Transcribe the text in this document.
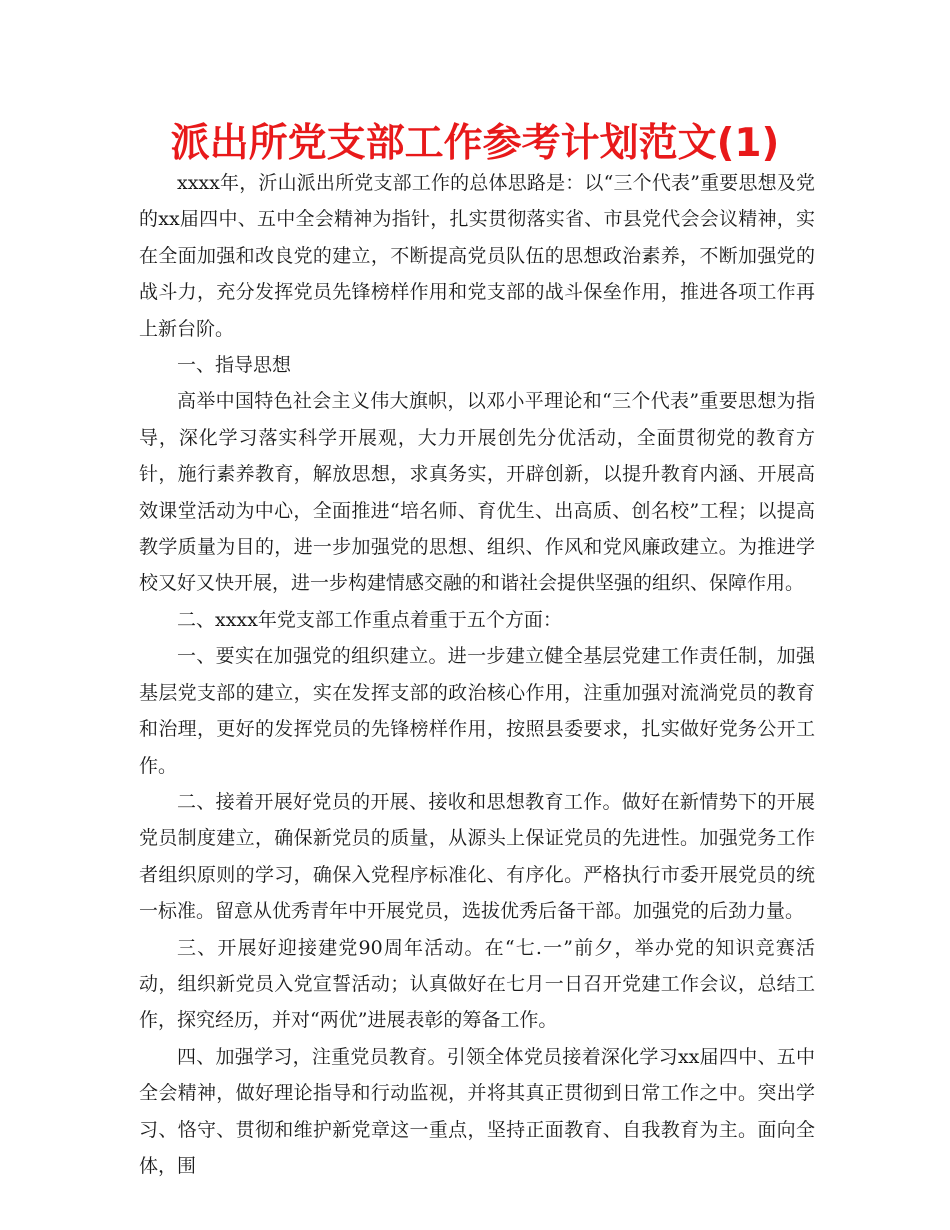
派出所党支部工作参考计划范文(1)

xxxx年，沂山派出所党支部工作的总体思路是：以“三个代表”重要思想及党的xx届四中、五中全会精神为指针，扎实贯彻落实省、市县党代会会议精神，实在全面加强和改良党的建立，不断提高党员队伍的思想政治素养，不断加强党的战斗力，充分发挥党员先锋榜样作用和党支部的战斗保垒作用，推进各项工作再上新台阶。

一、指导思想

高举中国特色社会主义伟大旗帜，以邓小平理论和“三个代表”重要思想为指导，深化学习落实科学开展观，大力开展创先分优活动，全面贯彻党的教育方针，施行素养教育，解放思想，求真务实，开辟创新，以提升教育内涵、开展高效课堂活动为中心，全面推进“培名师、育优生、出高质、创名校”工程；以提高教学质量为目的，进一步加强党的思想、组织、作风和党风廉政建立。为推进学校又好又快开展，进一步构建情感交融的和谐社会提供坚强的组织、保障作用。

二、xxxx年党支部工作重点着重于五个方面：

一、要实在加强党的组织建立。进一步建立健全基层党建工作责任制，加强基层党支部的建立，实在发挥支部的政治核心作用，注重加强对流淌党员的教育和治理，更好的发挥党员的先锋榜样作用，按照县委要求，扎实做好党务公开工作。

二、接着开展好党员的开展、接收和思想教育工作。做好在新情势下的开展党员制度建立，确保新党员的质量，从源头上保证党员的先进性。加强党务工作者组织原则的学习，确保入党程序标准化、有序化。严格执行市委开展党员的统一标准。留意从优秀青年中开展党员，选拔优秀后备干部。加强党的后劲力量。

三、开展好迎接建党90周年活动。在“七.一”前夕，举办党的知识竞赛活动，组织新党员入党宣誓活动；认真做好在七月一日召开党建工作会议，总结工作，探究经历，并对“两优”进展表彰的筹备工作。

四、加强学习，注重党员教育。引领全体党员接着深化学习xx届四中、五中全会精神，做好理论指导和行动监视，并将其真正贯彻到日常工作之中。突出学习、恪守、贯彻和维护新党章这一重点，坚持正面教育、自我教育为主。面向全体，围
